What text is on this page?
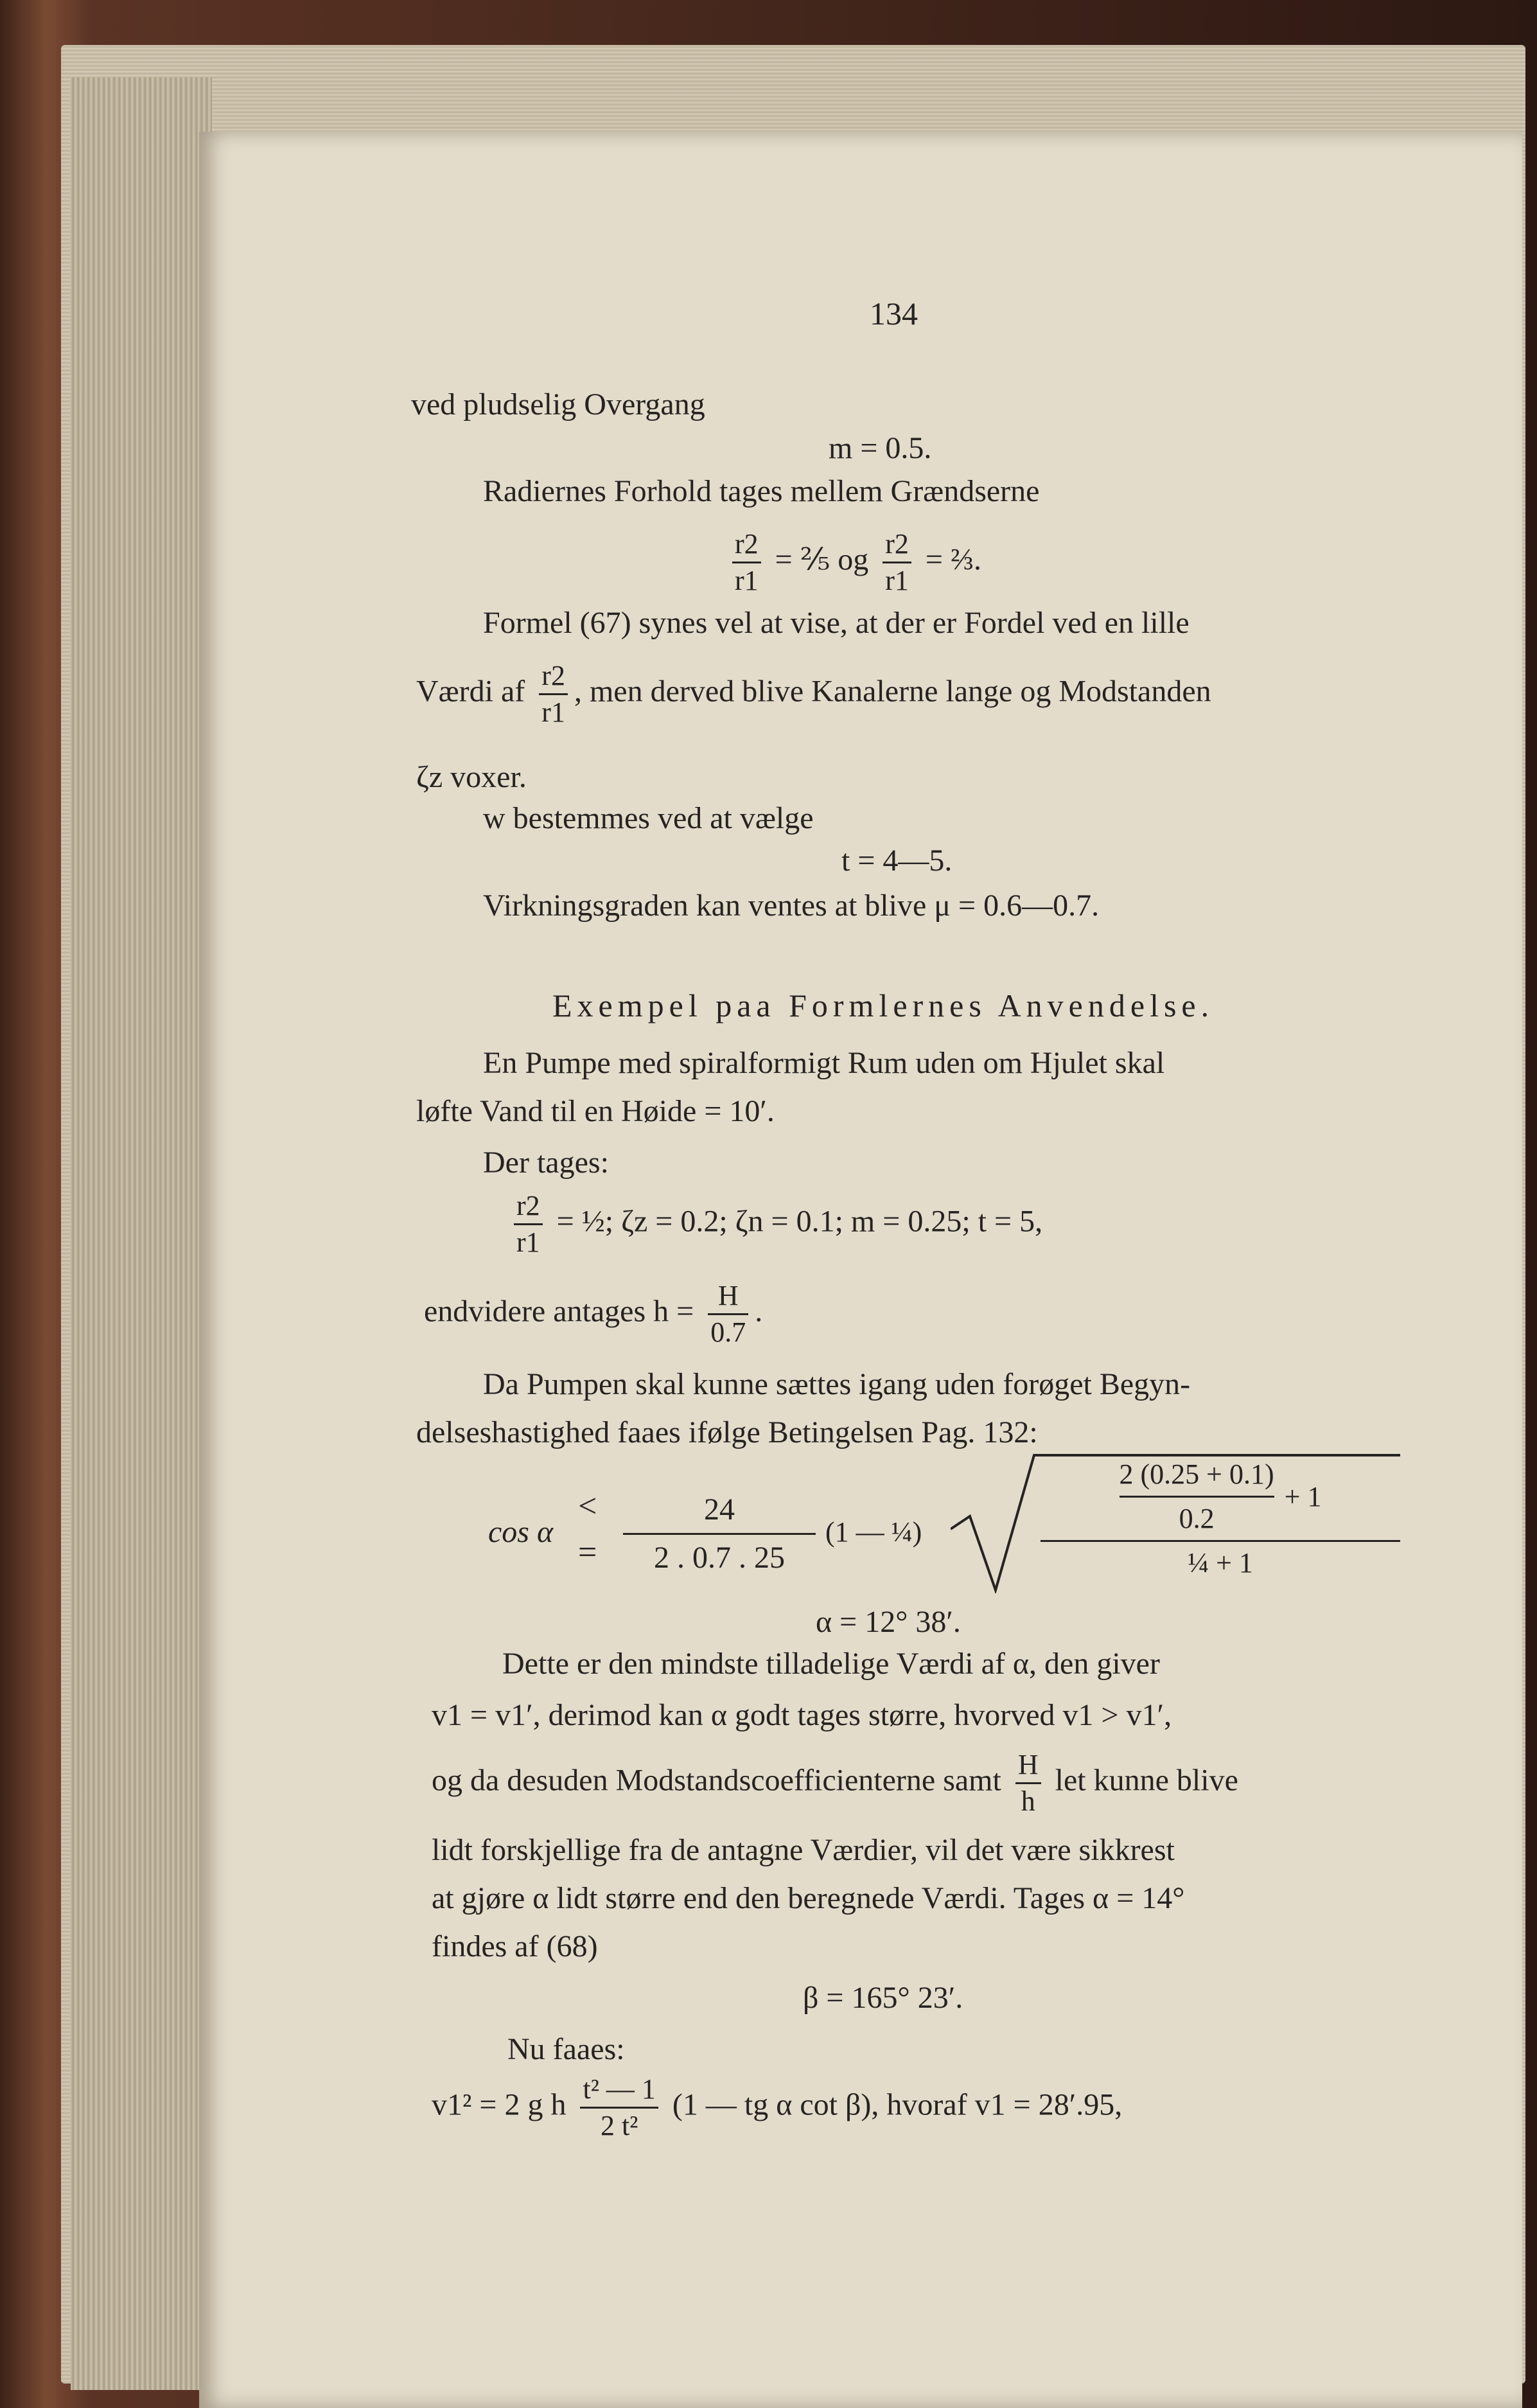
134
ved pludselig Overgang
m = 0.5.
Radiernes Forhold tages mellem Grændserne
$\frac{r2}{r1}$ = ⅖ og $\frac{r2}{r1}$ = ⅔.
Formel (67) synes vel at vise, at der er Fordel ved en lille
Værdi af $\frac{r2}{r1}$ , men derved blive Kanalerne lange og Modstanden
ζz voxer.
w bestemmes ved at vælge
t = 4—5.
Virkningsgraden kan ventes at blive μ = 0.6—0.7.
Exempel paa Formlernes Anvendelse.
En Pumpe med spiralformigt Rum uden om Hjulet skal
løfte Vand til en Høide = 10′.
Der tages:
$\frac{r2}{r1}$ = ½; ζz = 0.2; ζn = 0.1; m = 0.25; t = 5,
endvidere antages $h = \frac{H}{0.7}$ .
Da Pumpen skal kunne sættes igang uden forøget Begyn-
delseshastighed faaes ifølge Betingelsen Pag. 132:
cos α
<
=
24
2 . 0.7 . 25
(1 — ¼)
2 (0.25 + 0.1)
0.2
+ 1
¼ + 1
α = 12° 38′.
Dette er den mindste tilladelige Værdi af α, den giver
v1 = v1′, derimod kan α godt tages større, hvorved v1 > v1′,
og da desuden Modstandscoefficienterne samt $\frac{H}{h}$ let kunne blive
lidt forskjellige fra de antagne Værdier, vil det være sikkrest
at gjøre α lidt større end den beregnede Værdi. Tages α = 14°
findes af (68)
β = 165° 23′.
Nu faaes:
v1² = 2 g h $\frac{\text{t² — 1}}{\text{2 t²}} (1$ — tg α cot β), hvoraf v1 = 28′.95,
